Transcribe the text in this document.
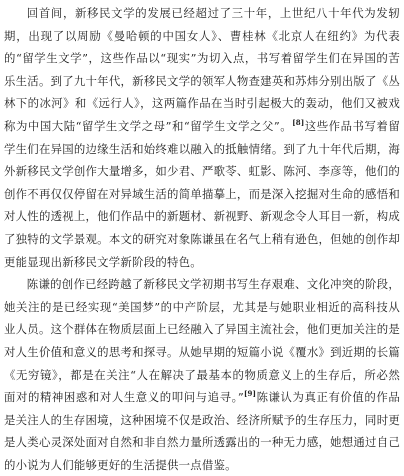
回首间，新移民文学的发展已经超过了三十年，上世纪八十年代为发轫期，出现了以周励《曼哈顿的中国女人》、曹桂林《北京人在纽约》为代表的“留学生文学”，这些作品以“现实”为切入点，书写着留学生们在异国的苦乐生活。到了九十年代，新移民文学的领军人物查建英和苏炜分别出版了《丛林下的冰河》和《远行人》，这两篇作品在当时引起极大的轰动，他们又被戏称为中国大陆“留学生文学之母”和“留学生文学之父”。[8]这些作品书写着留学生们在异国的边缘生活和始终难以融入的抵触情绪。到了九十年代后期，海外新移民文学创作大量增多，如少君、严歌苓、虹影、陈河、李彦等，他们的创作不再仅仅停留在对异域生活的简单描摹上，而是深入挖掘对生命的感悟和对人性的透视上，他们作品中的新题材、新视野、新观念令人耳目一新，构成了独特的文学景观。本文的研究对象陈谦虽在名气上稍有逊色，但她的创作却更能显现出新移民文学新阶段的特色。

陈谦的创作已经跨越了新移民文学初期书写生存艰难、文化冲突的阶段，她关注的是已经实现“美国梦”的中产阶层，尤其是与她职业相近的高科技从业人员。这个群体在物质层面上已经融入了异国主流社会，他们更加关注的是对人生价值和意义的思考和探寻。从她早期的短篇小说《覆水》到近期的长篇《无穷镜》，都是在关注“人在解决了最基本的物质意义上的生存后，所必然面对的精神困惑和对人生意义的叩问与追寻。”[9]陈谦认为真正有价值的作品是关注人的生存困境，这种困境不仅是政治、经济所赋予的生存压力，同时更是人类心灵深处面对自然和非自然力量所透露出的一种无力感，她想通过自己的小说为人们能够更好的生活提供一点借鉴。
